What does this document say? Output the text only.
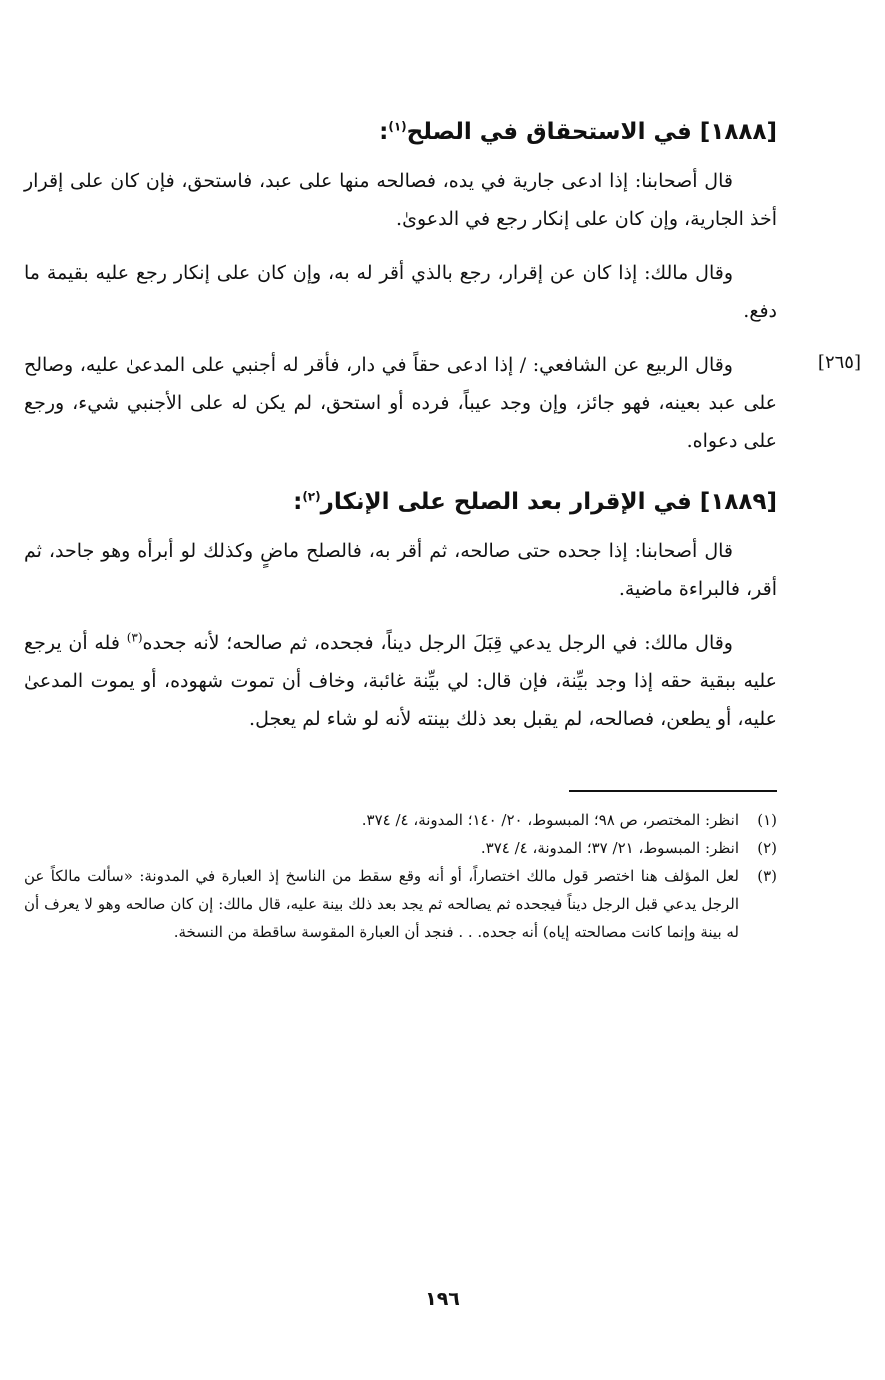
[١٨٨٨] في الاستحقاق في الصلح$^{(١)}$:

قال أصحابنا: إذا ادعى جارية في يده، فصالحه منها على عبد، فاستحق، فإن كان على إقرار أخذ الجارية، وإن كان على إنكار رجع في الدعوىٰ.

وقال مالك: إذا كان عن إقرار، رجع بالذي أقر له به، وإن كان على إنكار رجع عليه بقيمة ما دفع.

[٢٦٥]

وقال الربيع عن الشافعي: / إذا ادعى حقاً في دار، فأقر له أجنبي على المدعىٰ عليه، وصالح على عبد بعينه، فهو جائز، وإن وجد عيباً، فرده أو استحق، لم يكن له على الأجنبي شيء، ورجع على دعواه.

[١٨٨٩] في الإقرار بعد الصلح على الإنكار$^{(٢)}$:

قال أصحابنا: إذا جحده حتى صالحه، ثم أقر به، فالصلح ماضٍ وكذلك لو أبرأه وهو جاحد، ثم أقر، فالبراءة ماضية.

وقال مالك: في الرجل يدعي قِبَلَ الرجل ديناً، فجحده، ثم صالحه؛ لأنه جحده$^{(٣)}$ فله أن يرجع عليه ببقية حقه إذا وجد بيِّنة، فإن قال: لي بيِّنة غائبة، وخاف أن تموت شهوده، أو يموت المدعىٰ عليه، أو يطعن، فصالحه، لم يقبل بعد ذلك بينته لأنه لو شاء لم يعجل.

(١)
انظر: المختصر، ص ٩٨؛ المبسوط، ٢٠/ ١٤٠؛ المدونة، ٤/ ٣٧٤.
(٢)
انظر: المبسوط، ٢١/ ٣٧؛ المدونة، ٤/ ٣٧٤.
(٣)
لعل المؤلف هنا اختصر قول مالك اختصاراً، أو أنه وقع سقط من الناسخ إذ العبارة في المدونة: «سألت مالكاً عن الرجل يدعي قبل الرجل ديناً فيجحده ثم يصالحه ثم يجد بعد ذلك بينة عليه، قال مالك: إن كان صالحه وهو لا يعرف أن له بينة وإنما كانت مصالحته إياه) أنه جحده. . . فنجد أن العبارة المقوسة ساقطة من النسخة.
١٩٦
